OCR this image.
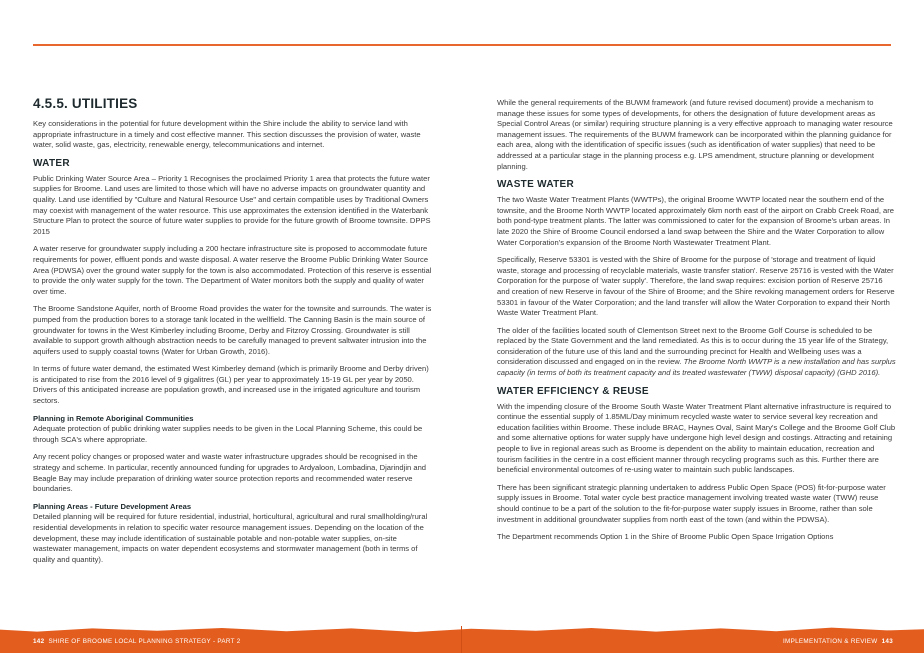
4.5.5. UTILITIES

Key considerations in the potential for future development within the Shire include the ability to service land with appropriate infrastructure in a timely and cost effective manner. This section discusses the provision of water, waste water, solid waste, gas, electricity, renewable energy, telecommunications and internet.

WATER

Public Drinking Water Source Area – Priority 1 Recognises the proclaimed Priority 1 area that protects the future water supplies for Broome. Land uses are limited to those which will have no adverse impacts on groundwater quantity and quality. Land use identified by "Culture and Natural Resource Use" and certain compatible uses by Traditional Owners may coexist with management of the water resource. This use approximates the extension identified in the Waterbank Structure Plan to protect the source of future water supplies to provide for the future growth of Broome townsite. DPPS 2015

A water reserve for groundwater supply including a 200 hectare infrastructure site is proposed to accommodate future requirements for power, effluent ponds and waste disposal. A water reserve the Broome Public Drinking Water Source Area (PDWSA) over the ground water supply for the town is also accommodated. Protection of this reserve is essential to provide the only water supply for the town. The Department of Water monitors both the supply and quality of water over time.

The Broome Sandstone Aquifer, north of Broome Road provides the water for the townsite and surrounds. The water is pumped from the production bores to a storage tank located in the wellfield. The Canning Basin is the main source of groundwater for towns in the West Kimberley including Broome, Derby and Fitzroy Crossing. Groundwater is still available to support growth although abstraction needs to be carefully managed to prevent saltwater intrusion into the aquifers used to supply coastal towns (Water for Urban Growth, 2016).

In terms of future water demand, the estimated West Kimberley demand (which is primarily Broome and Derby driven) is anticipated to rise from the 2016 level of 9 gigalitres (GL) per year to approximately 15-19 GL per year by 2050. Drivers of this anticipated increase are population growth, and increased use in the irrigated agriculture and tourism sectors.

Planning in Remote Aboriginal Communities

Adequate protection of public drinking water supplies needs to be given in the Local Planning Scheme, this could be through SCA's where appropriate.

Any recent policy changes or proposed water and waste water infrastructure upgrades should be recognised in the strategy and scheme. In particular, recently announced funding for upgrades to Ardyaloon, Lombadina, Djarindjin and Beagle Bay may include preparation of drinking water source protection reports and recommended water reserve boundaries.

Planning Areas - Future Development Areas

Detailed planning will be required for future residential, industrial, horticultural, agricultural and rural smallholding/rural residential developments in relation to specific water resource management issues. Depending on the location of the development, these may include identification of sustainable potable and non-potable water supplies, on-site wastewater management, impacts on water dependent ecosystems and stormwater management (both in terms of quality and quantity).

While the general requirements of the BUWM framework (and future revised document) provide a mechanism to manage these issues for some types of developments, for others the designation of future development areas as Special Control Areas (or similar) requiring structure planning is a very effective approach to managing water resource management issues. The requirements of the BUWM framework can be incorporated within the planning guidance for each area, along with the identification of specific issues (such as identification of water supplies) that need to be addressed at a particular stage in the planning process e.g. LPS amendment, structure planning or development planning.

WASTE WATER

The two Waste Water Treatment Plants (WWTPs), the original Broome WWTP located near the southern end of the townsite, and the Broome North WWTP located approximately 6km north east of the airport on Crabb Creek Road, are both pond-type treatment plants. The latter was commissioned to cater for the expansion of Broome's urban areas. In late 2020 the Shire of Broome Council endorsed a land swap between the Shire and the Water Corporation to allow Water Corporation's expansion of the Broome North Wastewater Treatment Plant.

Specifically, Reserve 53301 is vested with the Shire of Broome for the purpose of 'storage and treatment of liquid waste, storage and processing of recyclable materials, waste transfer station'. Reserve 25716 is vested with the Water Corporation for the purpose of 'water supply'. Therefore, the land swap requires: excision portion of Reserve 25716 and creation of new Reserve in favour of the Shire of Broome; and the Shire revoking management orders for Reserve 53301 in favour of the Water Corporation; and the land transfer will allow the Water Corporation to expand their North Waste Water Treatment Plant.

The older of the facilities located south of Clementson Street next to the Broome Golf Course is scheduled to be replaced by the State Government and the land remediated. As this is to occur during the 15 year life of the Strategy, consideration of the future use of this land and the surrounding precinct for Health and Wellbeing uses was a consideration discussed and engaged on in the review. The Broome North WWTP is a new installation and has surplus capacity (in terms of both its treatment capacity and its treated wastewater (TWW) disposal capacity) (GHD 2016).

WATER EFFICIENCY & REUSE

With the impending closure of the Broome South Waste Water Treatment Plant alternative infrastructure is required to continue the essential supply of 1.85ML/Day minimum recycled waste water to service several key recreation and education facilities within Broome. These include BRAC, Haynes Oval, Saint Mary's College and the Broome Golf Club and some alternative options for water supply have undergone high level design and costings. Attracting and retaining people to live in regional areas such as Broome is dependent on the ability to maintain education, recreation and tourism facilities in the centre in a cost efficient manner through recycling programs such as this. Further there are beneficial environmental outcomes of re-using water to maintain such public landscapes.

There has been significant strategic planning undertaken to address Public Open Space (POS) fit-for-purpose water supply issues in Broome. Total water cycle best practice management involving treated waste water (TWW) reuse should continue to be a part of the solution to the fit-for-purpose water supply issues in Broome, rather than sole investment in additional groundwater supplies from north east of the town (and within the PDWSA).

The Department recommends Option 1 in the Shire of Broome Public Open Space Irrigation Options

142 SHIRE OF BROOME LOCAL PLANNING STRATEGY - PART 2	IMPLEMENTATION & REVIEW 143
